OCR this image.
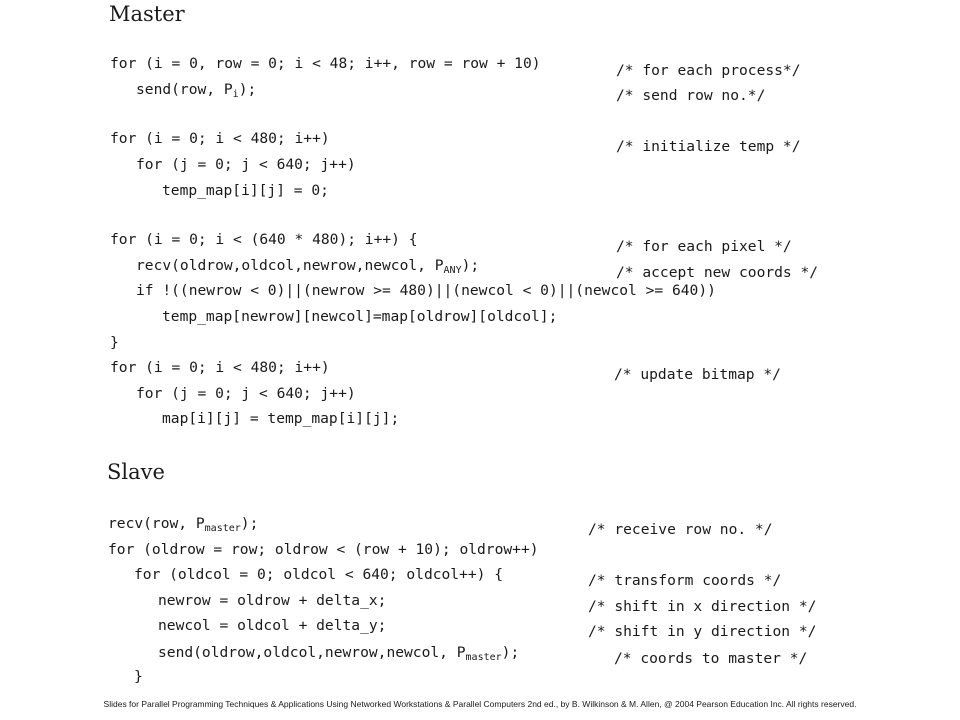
Master
for (i = 0, row = 0; i < 48; i++, row = row + 10)	/* for each process*/
send(row, $P_i$);	/* send row no.*/
for (i = 0; i < 480; i++)	/* initialize temp */
for (j = 0; j < 640; j++)
temp_map[i][j] = 0;
for (i = 0; i < (640 * 480); i++) {	/* for each pixel */
recv(oldrow,oldcol,newrow,newcol, $P_{ANY}$);	/* accept new coords */
if !((newrow < 0)||(newrow >= 480)||(newcol < 0)||(newcol >= 640))
temp_map[newrow][newcol]=map[oldrow][oldcol];
}
for (i = 0; i < 480; i++)	/* update bitmap */
for (j = 0; j < 640; j++)
map[i][j] = temp_map[i][j];
Slave
recv(row, $P_{master}$);	/* receive row no. */
for (oldrow = row; oldrow < (row + 10); oldrow++)
for (oldcol = 0; oldcol < 640; oldcol++) {	/* transform coords */
newrow = oldrow + delta_x;	/* shift in x direction */
newcol = oldcol + delta_y;	/* shift in y direction */
send(oldrow,oldcol,newrow,newcol, $P_{master}$);	/* coords to master */
}
Slides for Parallel Programming Techniques & Applications Using Networked Workstations & Parallel Computers 2nd ed., by B. Wilkinson & M. Allen, @ 2004 Pearson Education Inc. All rights reserved.
